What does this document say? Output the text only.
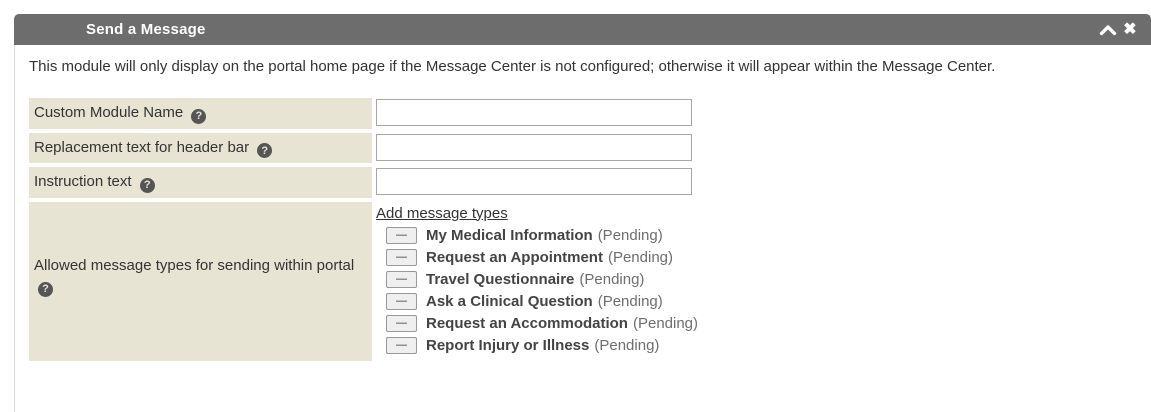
Send a Message	✖

This module will only display on the portal home page if the Message Center is not configured; otherwise it will appear within the Message Center.

Custom Module Name ?
Replacement text for header bar ?
Instruction text ?
Allowed message types for sending within portal ?
Add message types
—	My Medical Information (Pending)
—	Request an Appointment (Pending)
—	Travel Questionnaire (Pending)
—	Ask a Clinical Question (Pending)
—	Request an Accommodation (Pending)
—	Report Injury or Illness (Pending)
